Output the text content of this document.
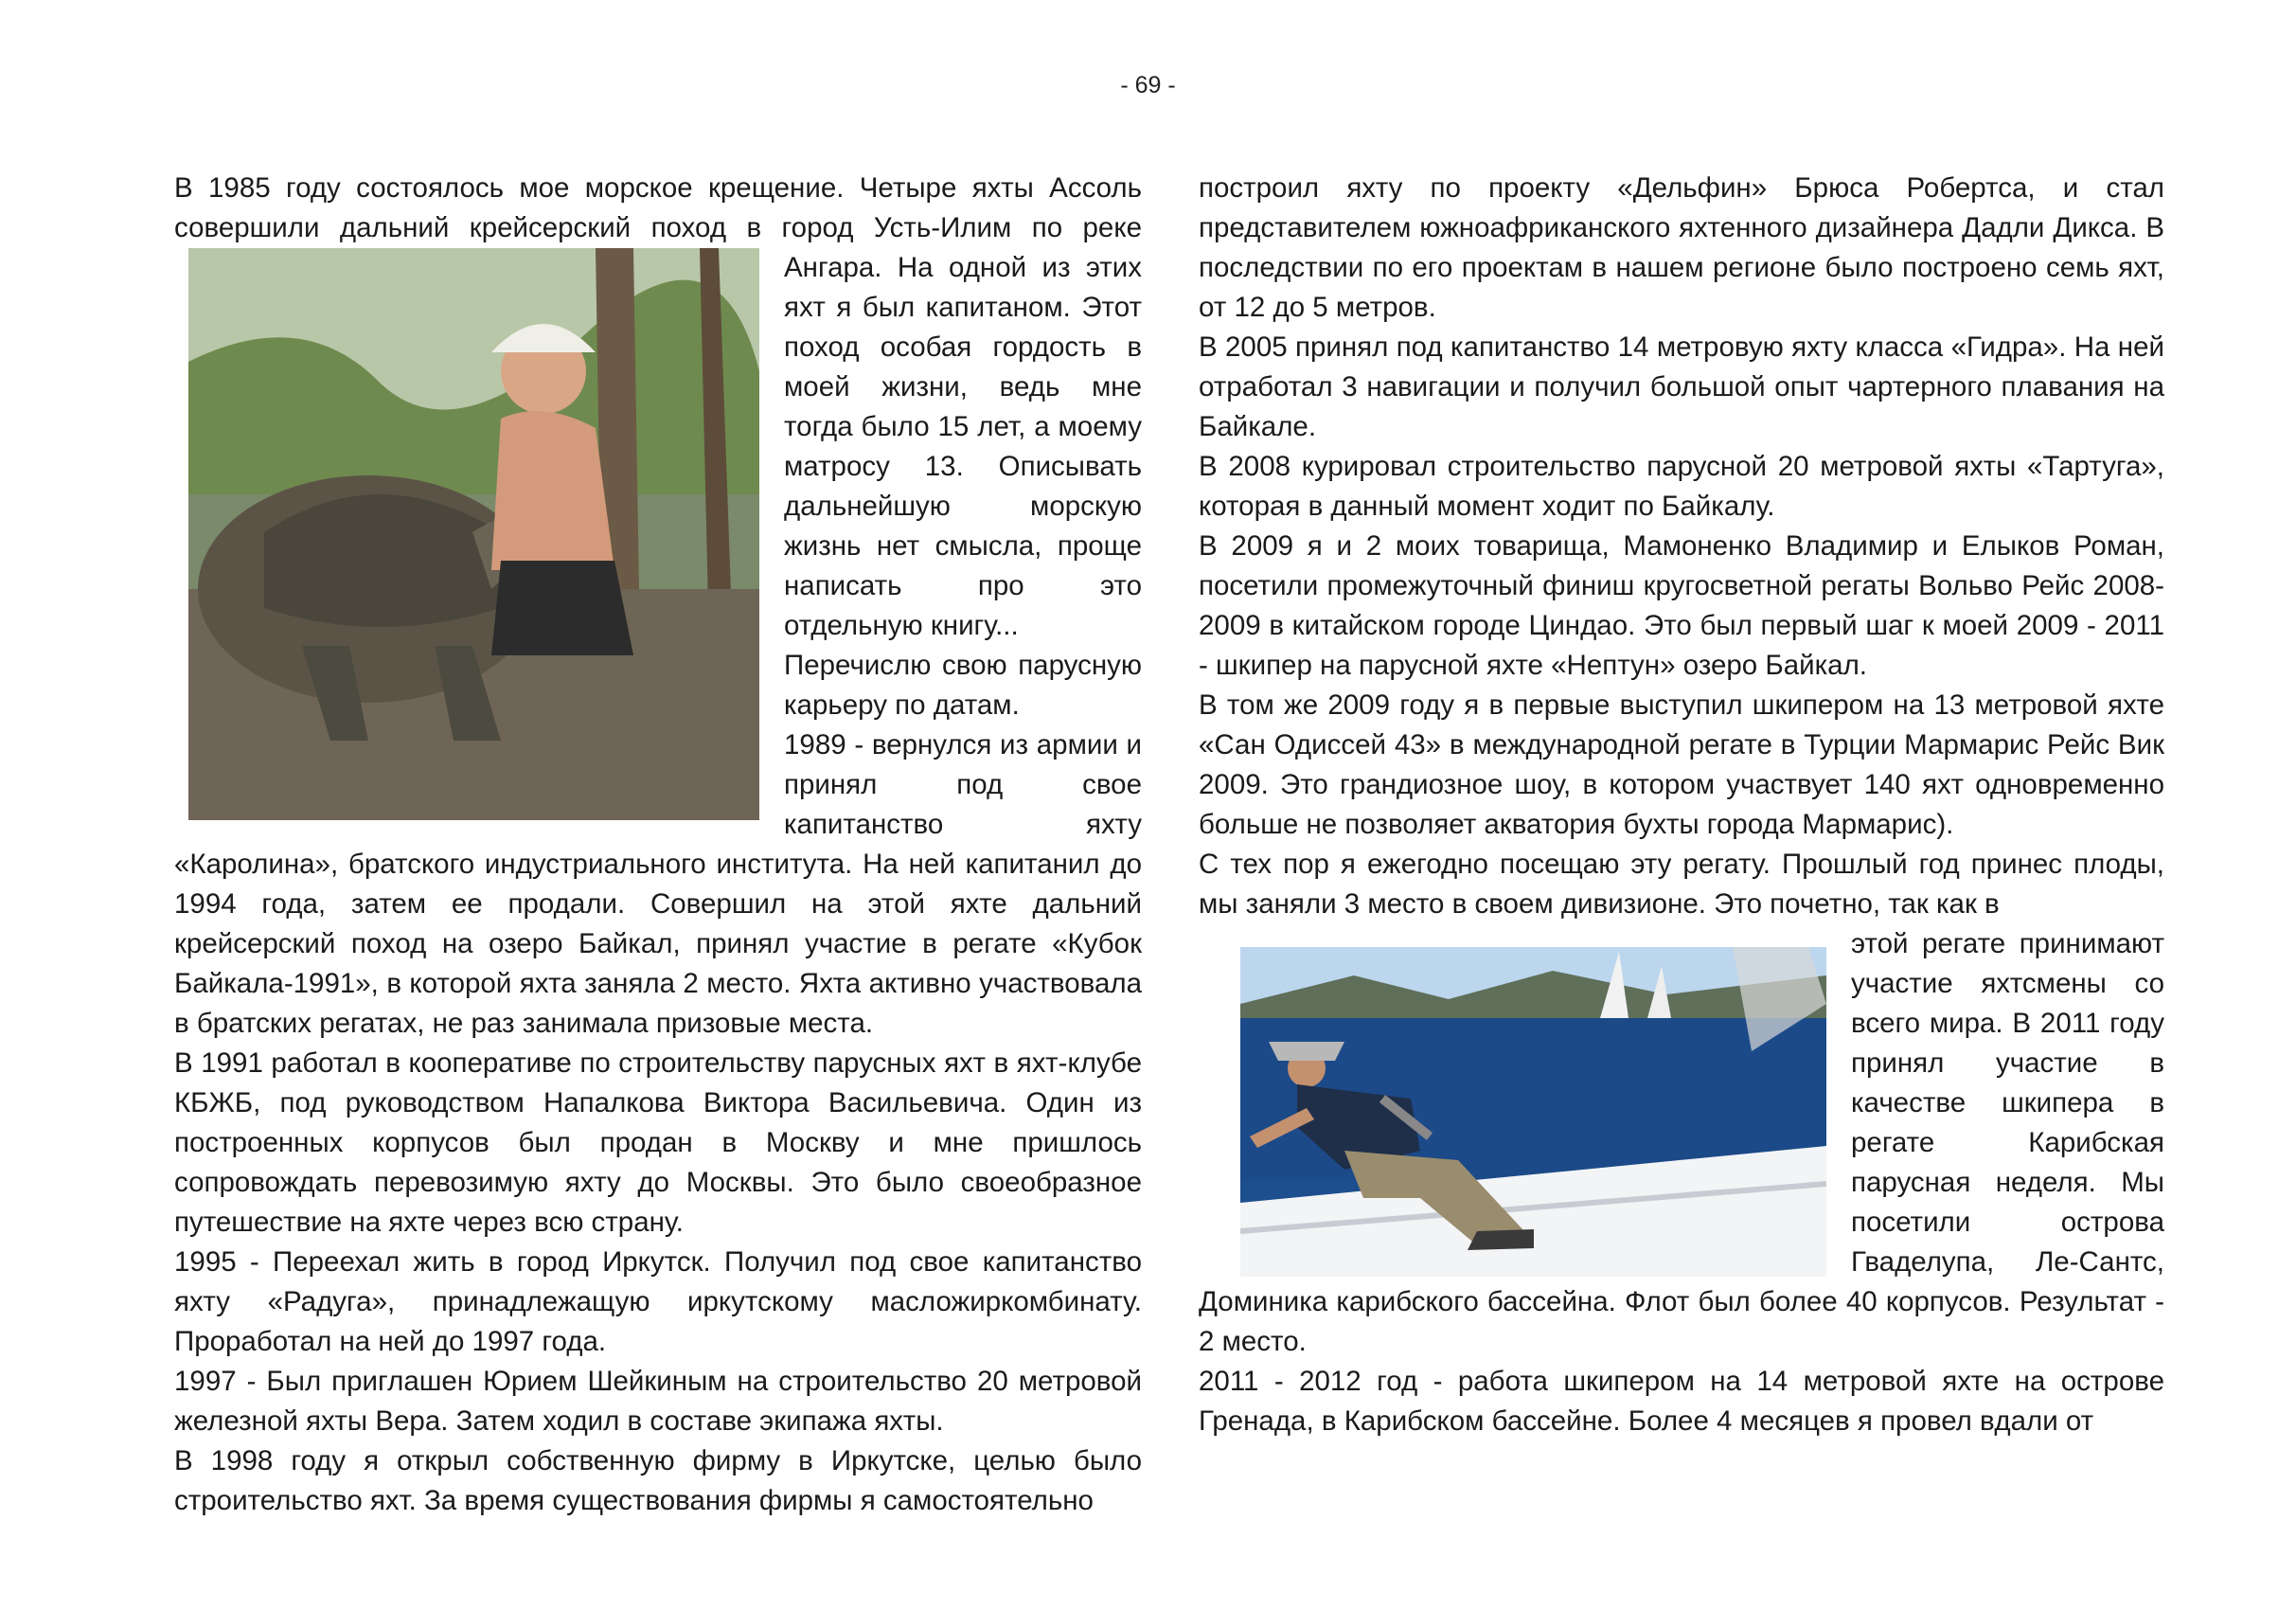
- 69 -

В 1985 году состоялось мое морское крещение. Четыре яхты Ассоль совершили дальний крейсерский поход в город Усть-Илим
по реке Ангара. На одной из этих яхт я был капитаном. Этот поход особая гордость в моей жизни, ведь мне тогда было 15 лет, а моему матросу 13. Описывать дальнейшую морскую жизнь нет смысла, проще написать про это отдельную книгу...

Перечислю свою парусную карьеру по датам.

1989 - вернулся из армии и принял под свое капитанство яхту «Каролина», братского индустриального института. На ней капитанил до 1994 года, затем ее продали. Совершил на этой яхте дальний крейсерский поход на озеро Байкал, принял участие в регате «Кубок Байкала-1991», в которой яхта заняла 2 место. Яхта активно участвовала в братских регатах, не раз занимала призовые места.

В 1991 работал в кооперативе по строительству парусных яхт в яхт-клубе КБЖБ, под руководством Напалкова Виктора Васильевича. Один из построенных корпусов был продан в Москву и мне пришлось сопровождать перевозимую яхту до Москвы. Это было своеобразное путешествие на яхте через всю страну.

1995 - Переехал жить в город Иркутск. Получил под свое капитанство яхту «Радуга», принадлежащую иркутскому масложиркомбинату. Проработал на ней до 1997 года.

1997 - Был приглашен Юрием Шейкиным на строительство 20 метровой железной яхты Вера. Затем ходил в составе экипажа яхты.

В 1998 году я открыл собственную фирму в Иркутске, целью было строительство яхт. За время существования фирмы я самостоятельно

построил яхту по проекту «Дельфин» Брюса Робертса, и стал представителем южноафриканского яхтенного дизайнера Дадли Дикса. В последствии по его проектам в нашем регионе было построено семь яхт, от 12 до 5 метров.

В 2005 принял под капитанство 14 метровую яхту класса «Гидра». На ней отработал 3 навигации и получил большой опыт чартерного плавания на Байкале.

В 2008 курировал строительство парусной 20 метровой яхты «Тартуга», которая в данный момент ходит по Байкалу.

В 2009 я и 2 моих товарища, Мамоненко Владимир и Елыков Роман, посетили промежуточный финиш кругосветной регаты Вольво Рейс 2008-2009 в китайском городе Циндао. Это был первый шаг к моей 2009 - 2011 - шкипер на парусной яхте «Нептун» озеро Байкал.

В том же 2009 году я в первые выступил шкипером на 13 метровой яхте «Сан Одиссей 43» в международной регате в Турции Мармарис Рейс Вик 2009. Это грандиозное шоу, в котором участвует 140 яхт одновременно больше не позволяет акватория бухты города Мармарис).

С тех пор я ежегодно посещаю эту регату. Прошлый год принес плоды, мы заняли 3 место в своем дивизионе. Это почетно, так как в

этой регате принимают участие яхтсмены со всего мира. В 2011 году принял участие в качестве шкипера в регате Карибская парусная неделя. Мы посетили острова Гваделупа, Ле-Сантс, Доминика карибского бассейна. Флот был более 40 корпусов. Результат - 2 место.

2011 - 2012 год - работа шкипером на 14 метровой яхте на острове Гренада, в Карибском бассейне. Более 4 месяцев я провел вдали от
